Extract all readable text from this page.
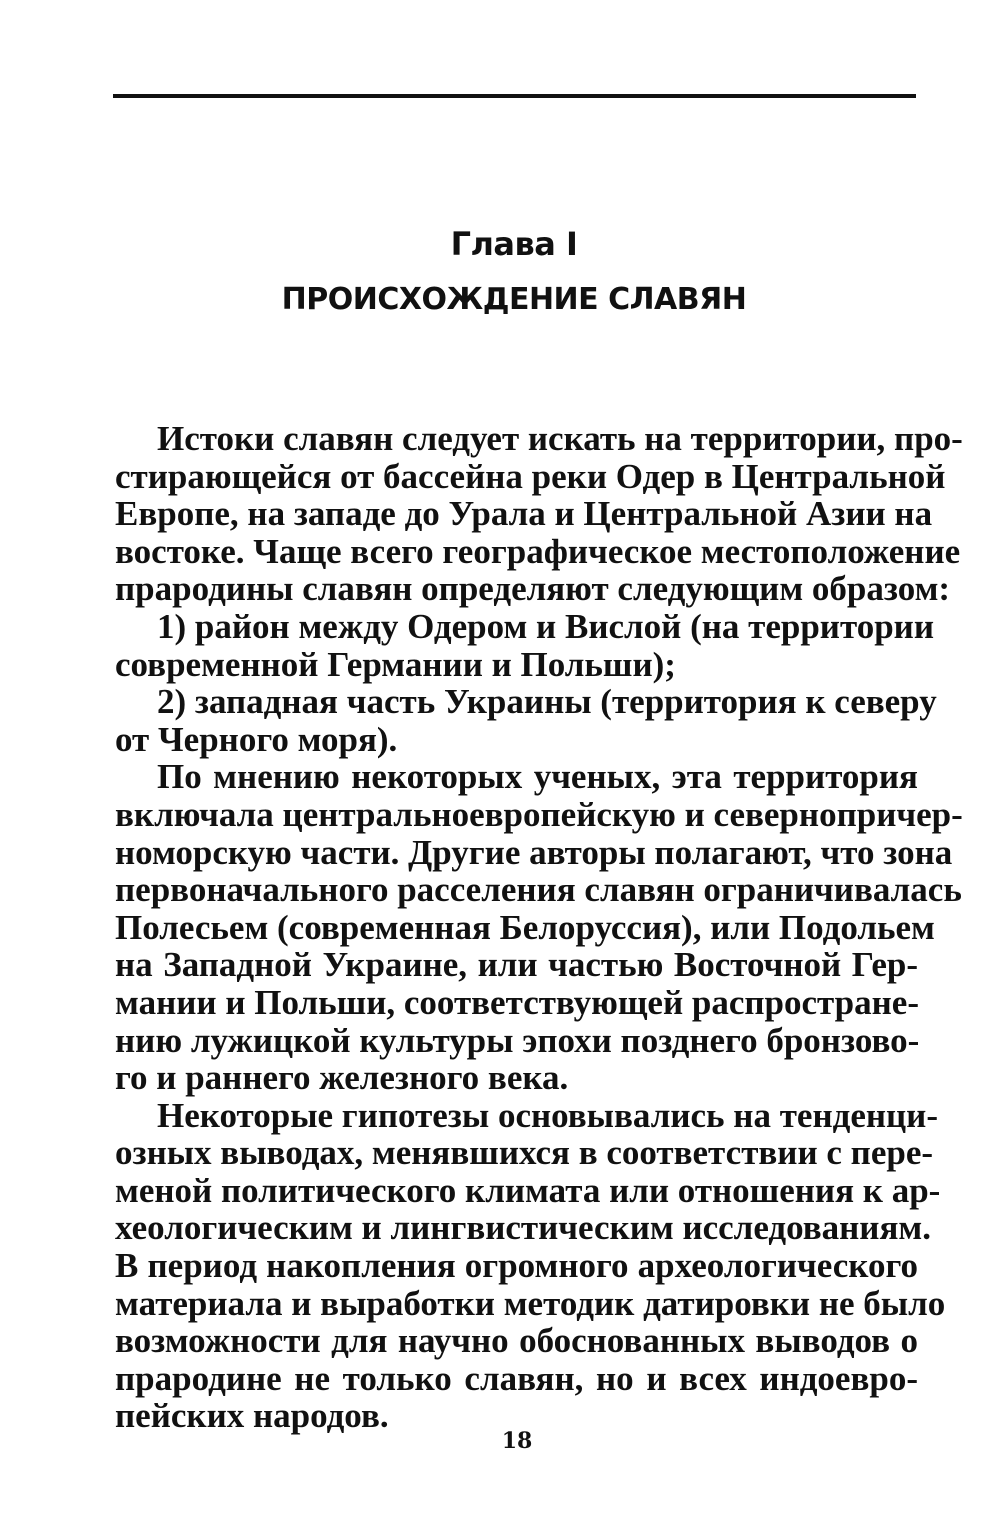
Глава I
ПРОИСХОЖДЕНИЕ СЛАВЯН

Истоки славян следует искать на территории, про-
стирающейся от бассейна реки Одер в Центральной
Европе, на западе до Урала и Центральной Азии на
востоке. Чаще всего географическое местоположение
прародины славян определяют следующим образом:

1) район между Одером и Вислой (на территории
современной Германии и Польши);

2) западная часть Украины (территория к северу
от Черного моря).

По мнению некоторых ученых, эта территория
включала центральноевропейскую и севернопричер-
номорскую части. Другие авторы полагают, что зона
первоначального расселения славян ограничивалась
Полесьем (современная Белоруссия), или Подольем
на Западной Украине, или частью Восточной Гер-
мании и Польши, соответствующей распростране-
нию лужицкой культуры эпохи позднего бронзово-
го и раннего железного века.

Некоторые гипотезы основывались на тенденци-
озных выводах, менявшихся в соответствии с пере-
меной политического климата или отношения к ар-
хеологическим и лингвистическим исследованиям.
В период накопления огромного археологического
материала и выработки методик датировки не было
возможности для научно обоснованных выводов о
прародине не только славян, но и всех индоевро-
пейских народов.

18
